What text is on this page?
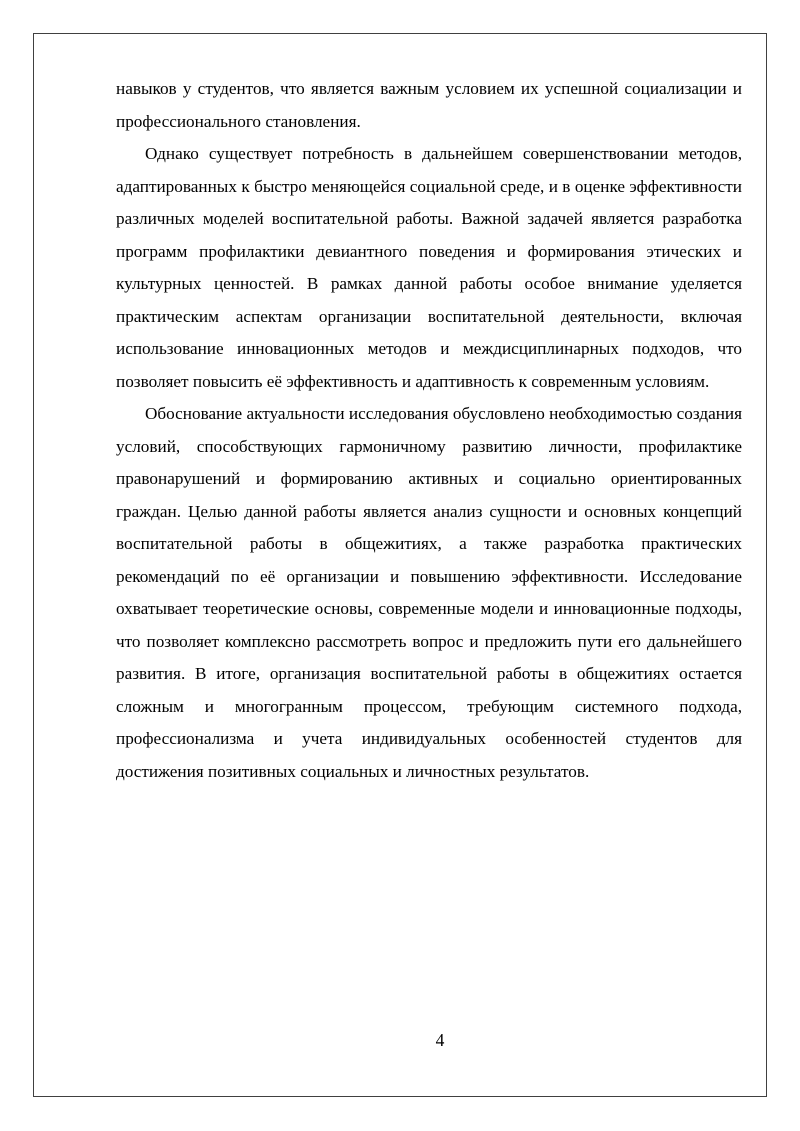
навыков у студентов, что является важным условием их успешной социализации и профессионального становления.

Однако существует потребность в дальнейшем совершенствовании методов, адаптированных к быстро меняющейся социальной среде, и в оценке эффективности различных моделей воспитательной работы. Важной задачей является разработка программ профилактики девиантного поведения и формирования этических и культурных ценностей. В рамках данной работы особое внимание уделяется практическим аспектам организации воспитательной деятельности, включая использование инновационных методов и междисциплинарных подходов, что позволяет повысить её эффективность и адаптивность к современным условиям.

Обоснование актуальности исследования обусловлено необходимостью создания условий, способствующих гармоничному развитию личности, профилактике правонарушений и формированию активных и социально ориентированных граждан. Целью данной работы является анализ сущности и основных концепций воспитательной работы в общежитиях, а также разработка практических рекомендаций по её организации и повышению эффективности. Исследование охватывает теоретические основы, современные модели и инновационные подходы, что позволяет комплексно рассмотреть вопрос и предложить пути его дальнейшего развития. В итоге, организация воспитательной работы в общежитиях остается сложным и многогранным процессом, требующим системного подхода, профессионализма и учета индивидуальных особенностей студентов для достижения позитивных социальных и личностных результатов.

4
